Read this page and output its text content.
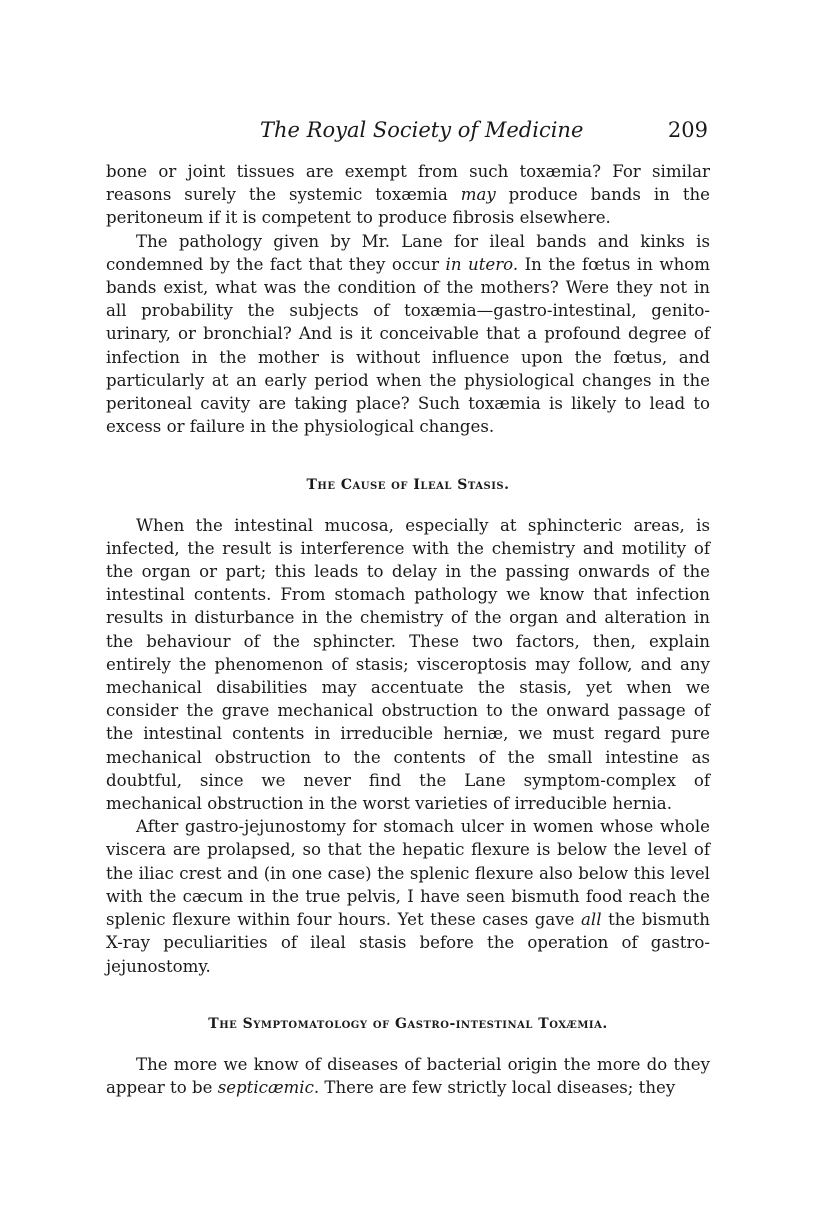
The Royal Society of Medicine	209

bone or joint tissues are exempt from such toxæmia? For similar reasons surely the systemic toxæmia may produce bands in the peritoneum if it is competent to produce fibrosis elsewhere.

The pathology given by Mr. Lane for ileal bands and kinks is condemned by the fact that they occur in utero. In the fœtus in whom bands exist, what was the condition of the mothers? Were they not in all probability the subjects of toxæmia—gastro-intestinal, genito-urinary, or bronchial? And is it conceivable that a profound degree of infection in the mother is without influence upon the fœtus, and particularly at an early period when the physiological changes in the peritoneal cavity are taking place? Such toxæmia is likely to lead to excess or failure in the physiological changes.

The Cause of Ileal Stasis.

When the intestinal mucosa, especially at sphincteric areas, is infected, the result is interference with the chemistry and motility of the organ or part; this leads to delay in the passing onwards of the intestinal contents. From stomach pathology we know that infection results in disturbance in the chemistry of the organ and alteration in the behaviour of the sphincter. These two factors, then, explain entirely the phenomenon of stasis; visceroptosis may follow, and any mechanical disabilities may accentuate the stasis, yet when we consider the grave mechanical obstruction to the onward passage of the intestinal contents in irreducible herniæ, we must regard pure mechanical obstruction to the contents of the small intestine as doubtful, since we never find the Lane symptom-complex of mechanical obstruction in the worst varieties of irreducible hernia.

After gastro-jejunostomy for stomach ulcer in women whose whole viscera are prolapsed, so that the hepatic flexure is below the level of the iliac crest and (in one case) the splenic flexure also below this level with the cæcum in the true pelvis, I have seen bismuth food reach the splenic flexure within four hours. Yet these cases gave all the bismuth X-ray peculiarities of ileal stasis before the operation of gastro-jejunostomy.

The Symptomatology of Gastro-intestinal Toxæmia.

The more we know of diseases of bacterial origin the more do they appear to be septicæmic. There are few strictly local diseases; they
